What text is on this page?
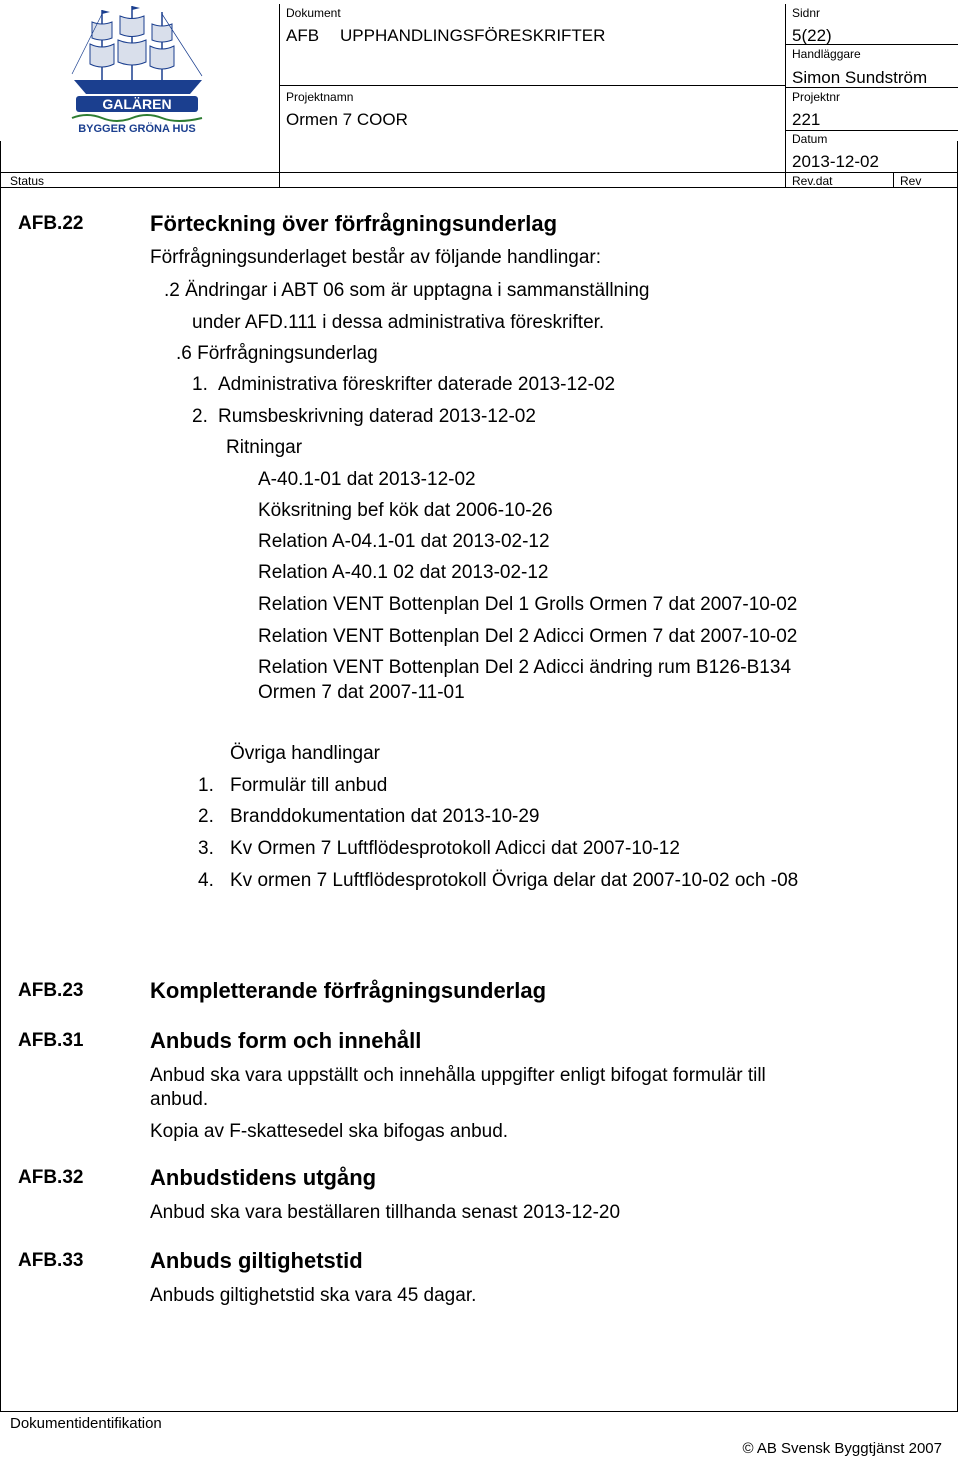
GALÄREN
BYGGER GRÖNA HUS
Dokument
AFB UPPHANDLINGSFÖRESKRIFTER
Sidnr
5(22)
Handläggare
Simon Sundström
Projektnamn
Ormen 7 COOR
Projektnr
221
Datum
2013-12-02
Status	Rev.dat	Rev
AFB.22	Förteckning över förfrågningsunderlag
Förfrågningsunderlaget består av följande handlingar:
.2 Ändringar i ABT 06 som är upptagna i sammanställning
under AFD.111 i dessa administrativa föreskrifter.
.6 Förfrågningsunderlag
1. Administrativa föreskrifter daterade 2013-12-02
2. Rumsbeskrivning daterad 2013-12-02
Ritningar
A-40.1-01 dat 2013-12-02
Köksritning bef kök dat 2006-10-26
Relation A-04.1-01 dat 2013-02-12
Relation A-40.1 02 dat 2013-02-12
Relation VENT Bottenplan Del 1 Grolls Ormen 7 dat 2007-10-02
Relation VENT Bottenplan Del 2 Adicci Ormen 7 dat 2007-10-02
Relation VENT Bottenplan Del 2 Adicci ändring rum B126-B134
Ormen 7 dat 2007-11-01
Övriga handlingar
1. Formulär till anbud
2. Branddokumentation dat 2013-10-29
3. Kv Ormen 7 Luftflödesprotokoll Adicci dat 2007-10-12
4. Kv ormen 7 Luftflödesprotokoll Övriga delar dat 2007-10-02 och -08
AFB.23	Kompletterande förfrågningsunderlag
AFB.31	Anbuds form och innehåll
Anbud ska vara uppställt och innehålla uppgifter enligt bifogat formulär till
anbud.
Kopia av F-skattesedel ska bifogas anbud.
AFB.32	Anbudstidens utgång
Anbud ska vara beställaren tillhanda senast 2013-12-20
AFB.33	Anbuds giltighetstid
Anbuds giltighetstid ska vara 45 dagar.
Dokumentidentifikation
© AB Svensk Byggtjänst 2007
